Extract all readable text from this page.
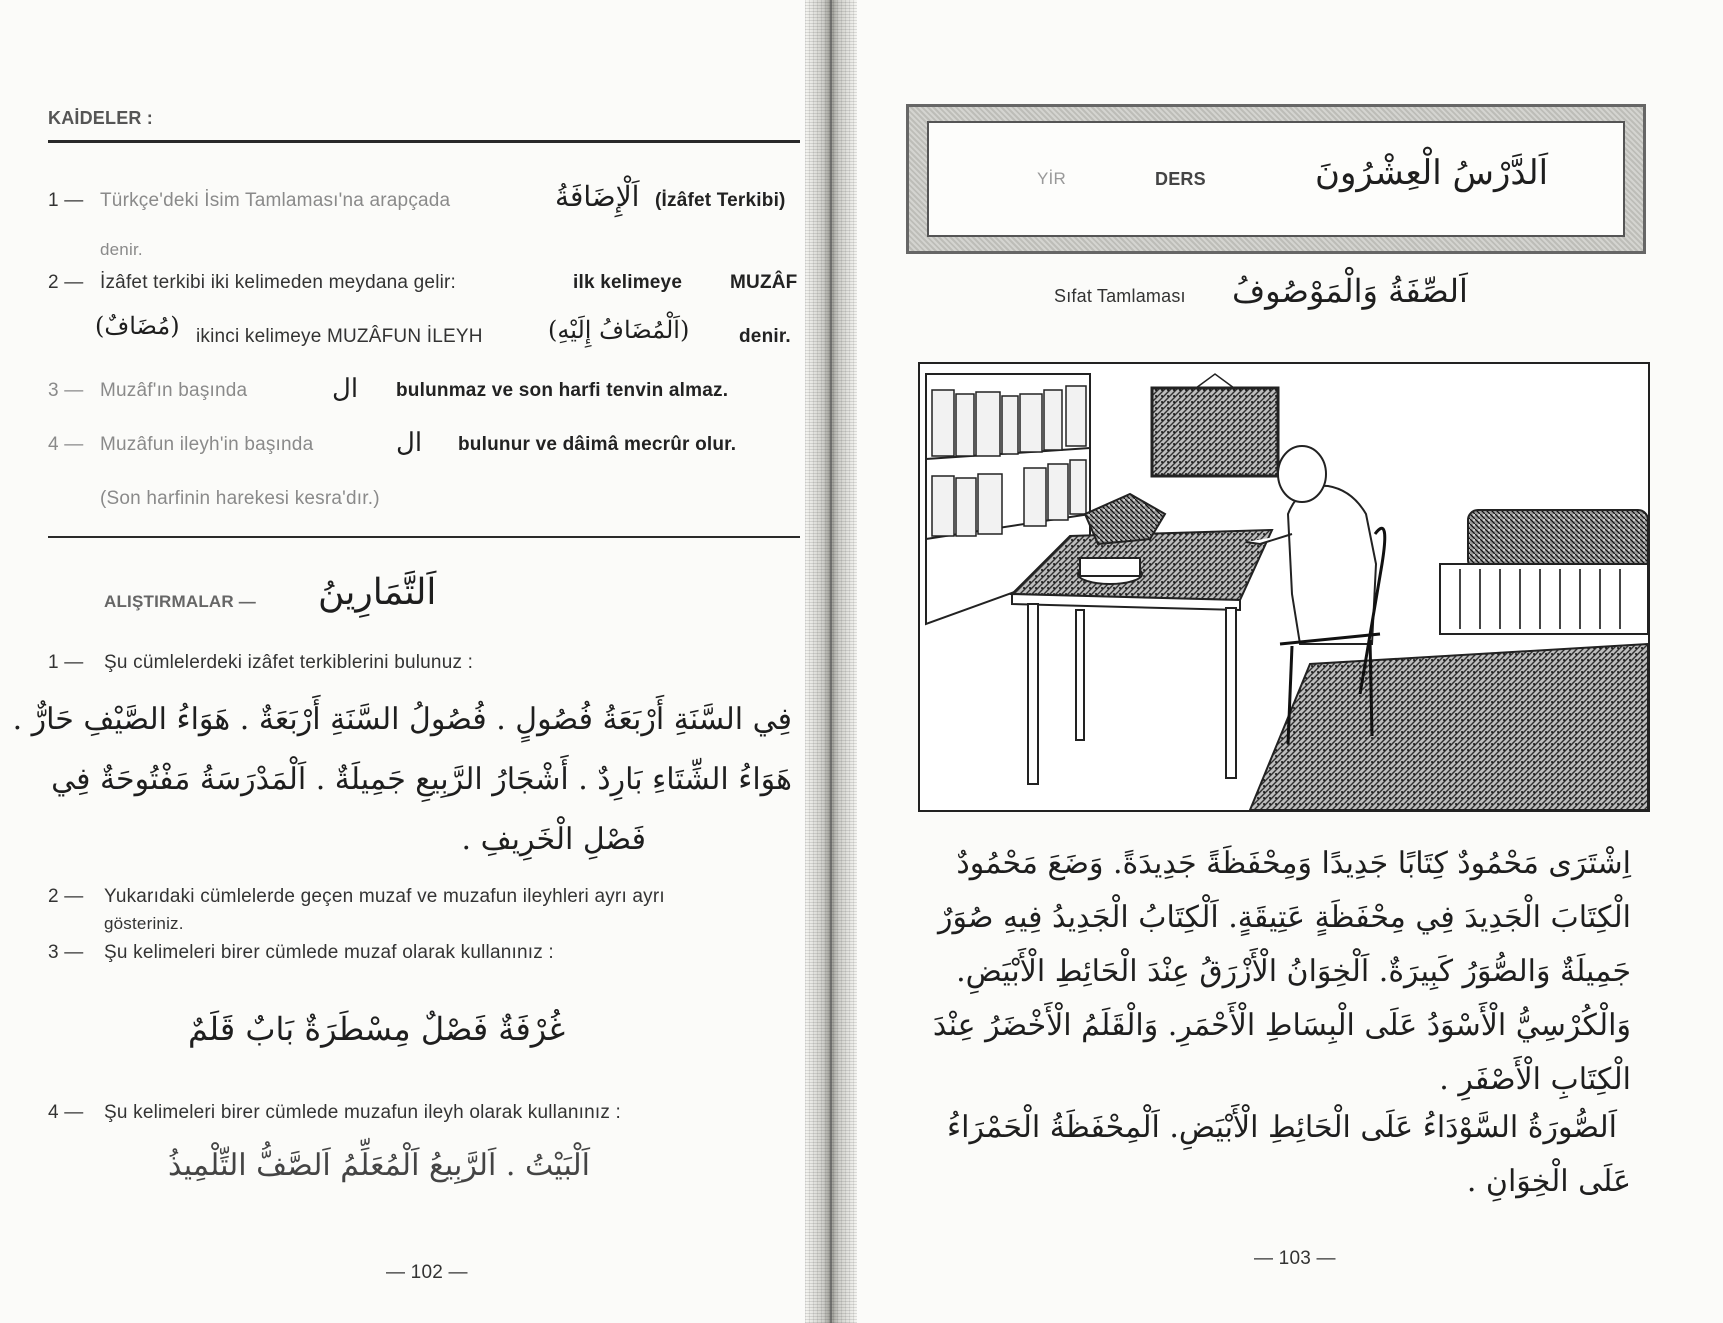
KAİDELER :
1 — Türkçe'deki İsim Tamlaması'na arapçada	اَلْإِضَافَةُ (İzâfet Terkibi)
denir.
2 — İzâfet terkibi iki kelimeden meydana gelir:	ilk kelimeye	MUZÂF
(مُضَافٌ) ikinci kelimeye MUZÂFUN İLEYH	(اَلْمُضَافُ إِلَيْهِ)	denir.
3 — Muzâf'ın başında	ال bulunmaz ve son harfi tenvin almaz.
4 — Muzâfun ileyh'in başında	ال bulunur ve dâimâ mecrûr olur.
(Son harfinin harekesi kesra'dır.)
ALIŞTIRMALAR — اَلتَّمَارِينُ
1 — Şu cümlelerdeki izâfet terkiblerini bulunuz :
فِي السَّنَةِ أَرْبَعَةُ فُصُولٍ . فُصُولُ السَّنَةِ أَرْبَعَةٌ . هَوَاءُ الصَّيْفِ حَارٌّ .
هَوَاءُ الشِّتَاءِ بَارِدٌ . أَشْجَارُ الرَّبِيعِ جَمِيلَةٌ . اَلْمَدْرَسَةُ مَفْتُوحَةٌ فِي
فَصْلِ الْخَرِيفِ .
2 — Yukarıdaki cümlelerde geçen muzaf ve muzafun ileyhleri ayrı ayrı
gösteriniz.
3 — Şu kelimeleri birer cümlede muzaf olarak kullanınız :
غُرْفَةٌ فَصْلٌ مِسْطَرَةٌ بَابٌ قَلَمٌ
4 — Şu kelimeleri birer cümlede muzafun ileyh olarak kullanınız :
اَلْبَيْتُ . اَلرَّبِيعُ اَلْمُعَلِّمُ اَلصَّفُّ التِّلْمِيذُ
— 102 —
YİR	DERS	اَلدَّرْسُ الْعِشْرُونَ
Sıfat Tamlaması اَلصِّفَةُ وَالْمَوْصُوفُ
اِشْتَرَى مَحْمُودٌ كِتَابًا جَدِيدًا وَمِحْفَظَةً جَدِيدَةً. وَضَعَ مَحْمُودٌ
الْكِتَابَ الْجَدِيدَ فِي مِحْفَظَةٍ عَتِيقَةٍ. اَلْكِتَابُ الْجَدِيدُ فِيهِ صُوَرٌ
جَمِيلَةٌ وَالصُّوَرُ كَبِيرَةٌ. اَلْخِوَانُ الْأَزْرَقُ عِنْدَ الْحَائِطِ الْأَبْيَضِ.
وَالْكُرْسِيُّ الْأَسْوَدُ عَلَى الْبِسَاطِ الْأَحْمَرِ. وَالْقَلَمُ الْأَخْضَرُ عِنْدَ
الْكِتَابِ الْأَصْفَرِ .
اَلصُّورَةُ السَّوْدَاءُ عَلَى الْحَائِطِ الْأَبْيَضِ. اَلْمِحْفَظَةُ الْحَمْرَاءُ
عَلَى الْخِوَانِ .
— 103 —
